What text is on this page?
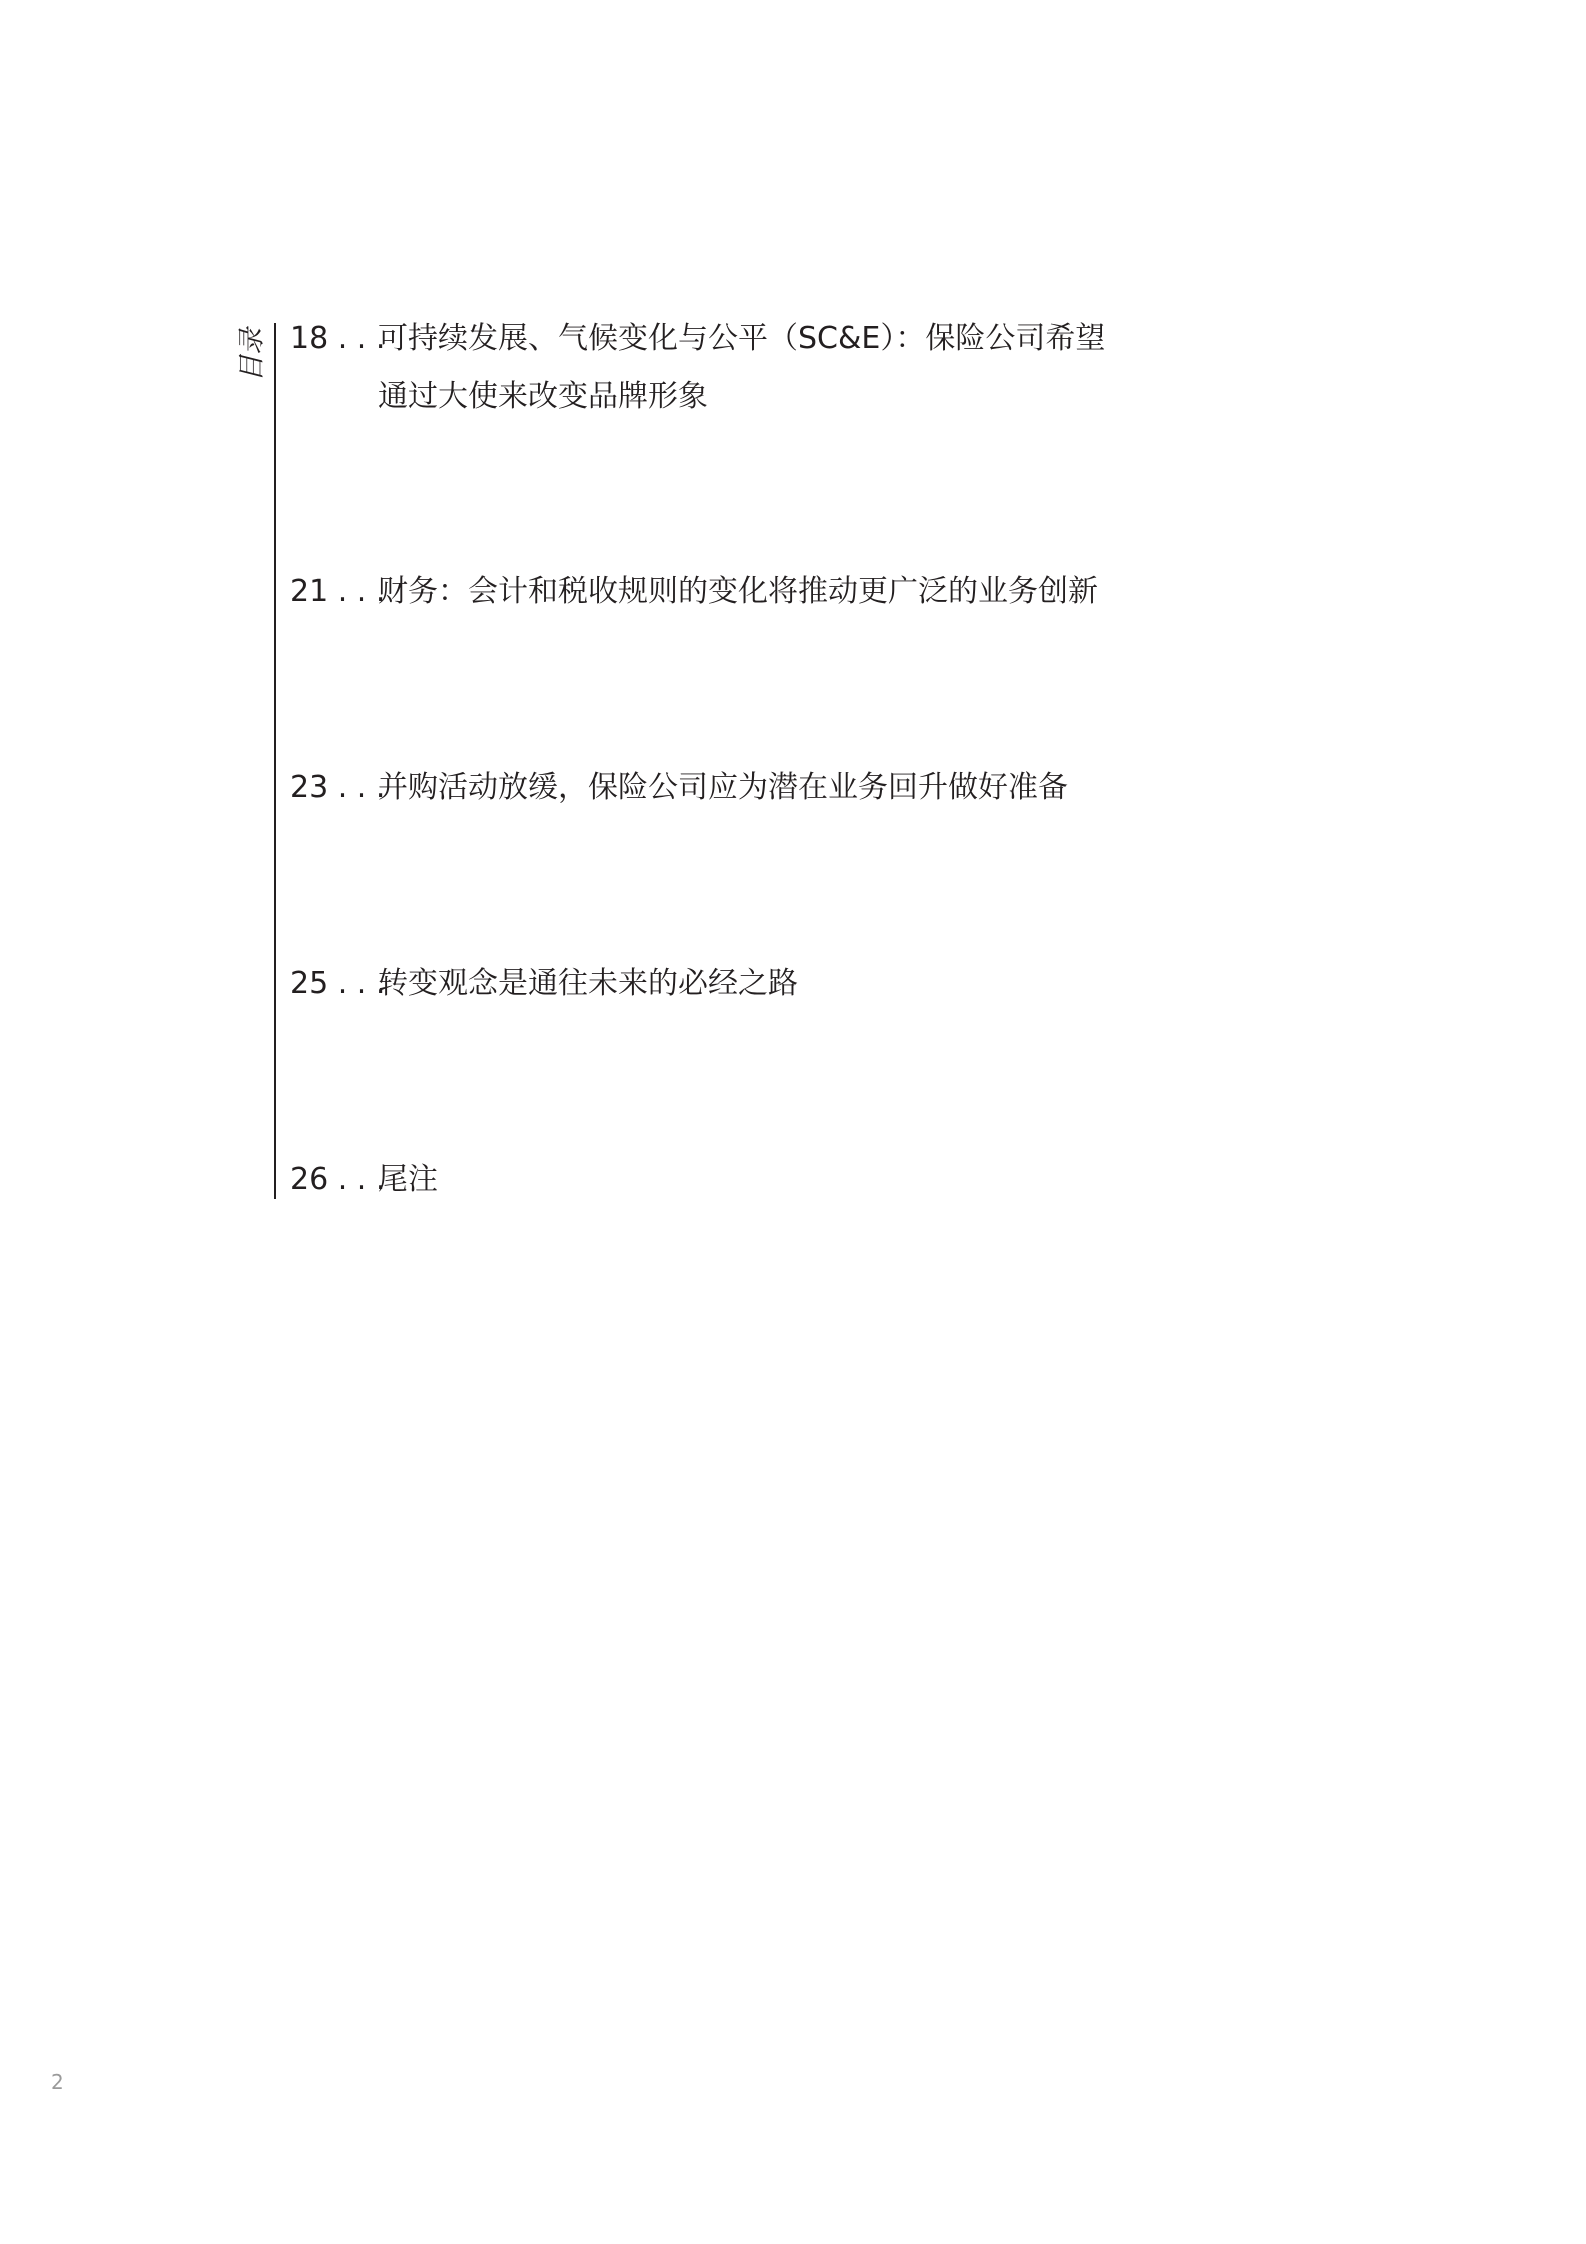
目录 18 . . .可持续发展、气候变化与公平（SC&E）：保险公司希望
通过大使来改变品牌形象
21 . . .财务：会计和税收规则的变化将推动更广泛的业务创新
23 . . .并购活动放缓，保险公司应为潜在业务回升做好准备
25 . . .转变观念是通往未来的必经之路
26 . . .尾注
2
